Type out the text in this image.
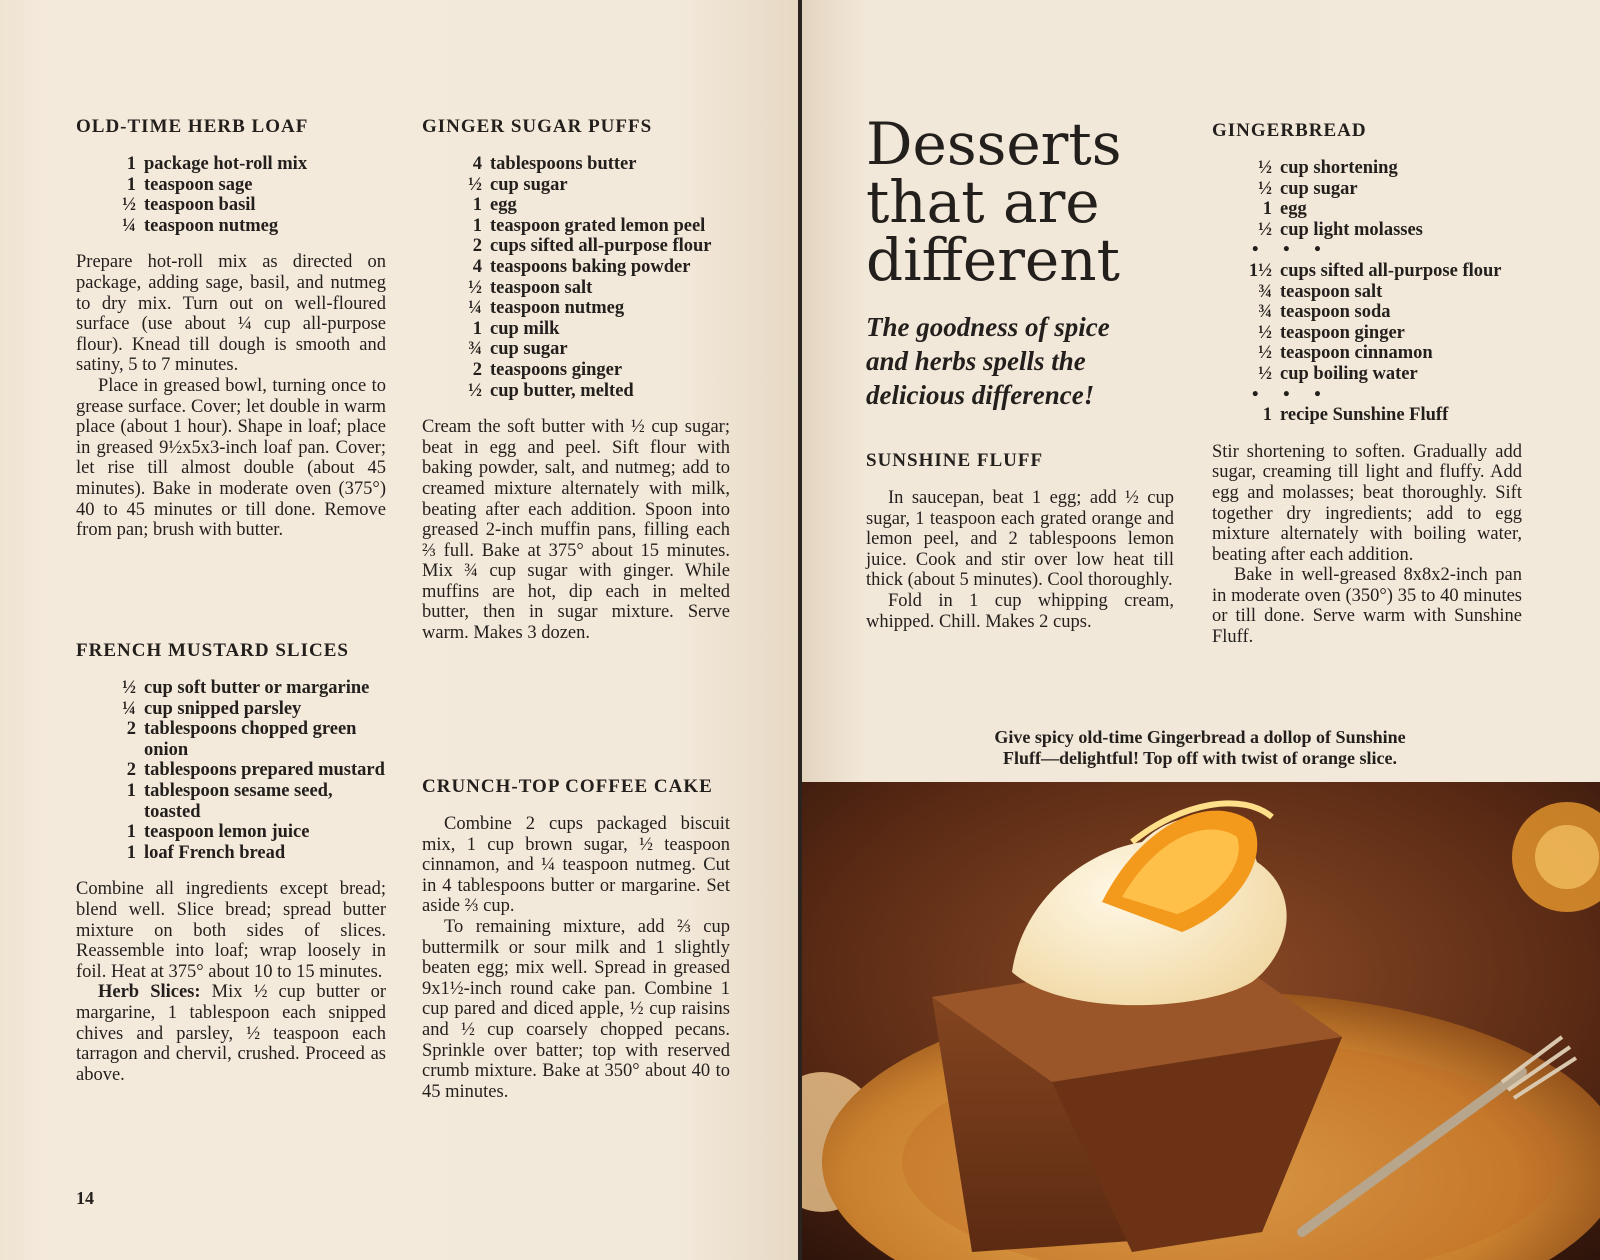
OLD-TIME HERB LOAF
1 package hot-roll mix
1 teaspoon sage
½ teaspoon basil
¼ teaspoon nutmeg

Prepare hot-roll mix as directed on package, adding sage, basil, and nutmeg to dry mix. Turn out on well-floured surface (use about ¼ cup all-purpose flour). Knead till dough is smooth and satiny, 5 to 7 minutes.

Place in greased bowl, turning once to grease surface. Cover; let double in warm place (about 1 hour). Shape in loaf; place in greased 9½x5x3-inch loaf pan. Cover; let rise till almost double (about 45 minutes). Bake in moderate oven (375°) 40 to 45 minutes or till done. Remove from pan; brush with butter.

FRENCH MUSTARD SLICES
½ cup soft butter or margarine
¼ cup snipped parsley
2 tablespoons chopped green onion
2 tablespoons prepared mustard
1 tablespoon sesame seed, toasted
1 teaspoon lemon juice
1 loaf French bread

Combine all ingredients except bread; blend well. Slice bread; spread butter mixture on both sides of slices. Reassemble into loaf; wrap loosely in foil. Heat at 375° about 10 to 15 minutes.

Herb Slices: Mix ½ cup butter or margarine, 1 tablespoon each snipped chives and parsley, ½ teaspoon each tarragon and chervil, crushed. Proceed as above.

GINGER SUGAR PUFFS
4 tablespoons butter
½ cup sugar
1 egg
1 teaspoon grated lemon peel
2 cups sifted all-purpose flour
4 teaspoons baking powder
½ teaspoon salt
¼ teaspoon nutmeg
1 cup milk
¾ cup sugar
2 teaspoons ginger
½ cup butter, melted

Cream the soft butter with ½ cup sugar; beat in egg and peel. Sift flour with baking powder, salt, and nutmeg; add to creamed mixture alternately with milk, beating after each addition. Spoon into greased 2-inch muffin pans, filling each ⅔ full. Bake at 375° about 15 minutes. Mix ¾ cup sugar with ginger. While muffins are hot, dip each in melted butter, then in sugar mixture. Serve warm. Makes 3 dozen.

CRUNCH-TOP COFFEE CAKE

Combine 2 cups packaged biscuit mix, 1 cup brown sugar, ½ teaspoon cinnamon, and ¼ teaspoon nutmeg. Cut in 4 tablespoons butter or margarine. Set aside ⅔ cup.

To remaining mixture, add ⅔ cup buttermilk or sour milk and 1 slightly beaten egg; mix well. Spread in greased 9x1½-inch round cake pan. Combine 1 cup pared and diced apple, ½ cup raisins and ½ cup coarsely chopped pecans. Sprinkle over batter; top with reserved crumb mixture. Bake at 350° about 40 to 45 minutes.

14
Desserts
that are
different

The goodness of spice
and herbs spells the
delicious difference!

SUNSHINE FLUFF

In saucepan, beat 1 egg; add ½ cup sugar, 1 teaspoon each grated orange and lemon peel, and 2 tablespoons lemon juice. Cook and stir over low heat till thick (about 5 minutes). Cool thoroughly.

Fold in 1 cup whipping cream, whipped. Chill. Makes 2 cups.

GINGERBREAD
½ cup shortening
½ cup sugar
1 egg
½ cup light molasses
• • •
1½ cups sifted all-purpose flour
¾ teaspoon salt
¾ teaspoon soda
½ teaspoon ginger
½ teaspoon cinnamon
½ cup boiling water
• • •
1 recipe Sunshine Fluff

Stir shortening to soften. Gradually add sugar, creaming till light and fluffy. Add egg and molasses; beat thoroughly. Sift together dry ingredients; add to egg mixture alternately with boiling water, beating after each addition.

Bake in well-greased 8x8x2-inch pan in moderate oven (350°) 35 to 40 minutes or till done. Serve warm with Sunshine Fluff.

Give spicy old-time Gingerbread a dollop of Sunshine
Fluff—delightful! Top off with twist of orange slice.
